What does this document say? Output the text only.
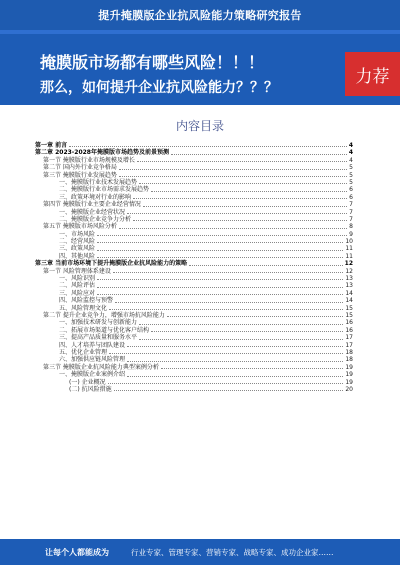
提升掩膜版企业抗风险能力策略研究报告
掩膜版市场都有哪些风险！！！
那么，如何提升企业抗风险能力？？？
力荐
内容目录
第一章 前言	4
第二章 2023-2028年掩膜版市场趋势及前景预测	4
第一节 掩膜版行业市场规模及增长	4
第二节 国内外行业竞争格局	5
第三节 掩膜版行业发展趋势	5
一、掩膜版行业技术发展趋势	5
二、掩膜版行业市场需求发展趋势	6
三、政策环境对行业的影响	6
第四节 掩膜版行业主要企业经营情况	7
一、掩膜版企业经营状况	7
二、掩膜版企业竞争力分析	7
第五节 掩膜版市场风险分析	8
一、市场风险	9
二、经营风险	10
三、政策风险	11
四、其他风险	11
第三章 当前市场环境下提升掩膜版企业抗风险能力的策略	12
第一节 风险管理体系建设	12
一、风险识别	13
二、风险评估	13
三、风险应对	14
四、风险监控与预警	14
五、风险管理文化	15
第二节 提升企业竞争力，增强市场抗风险能力	15
一、加强技术研发与创新能力	16
二、拓展市场渠道与优化客户结构	16
三、提高产品质量和服务水平	17
四、人才培养与团队建设	17
五、优化企业管理	18
六、加强供应链风险管理	18
第三节 掩膜版企业抗风险能力典型案例分析	19
一、掩膜版企业案例介绍	19
(一) 企业概况	19
(二) 抗风险措施	20
让每个人都能成为	行业专家、管理专家、营销专家、战略专家、成功企业家……
